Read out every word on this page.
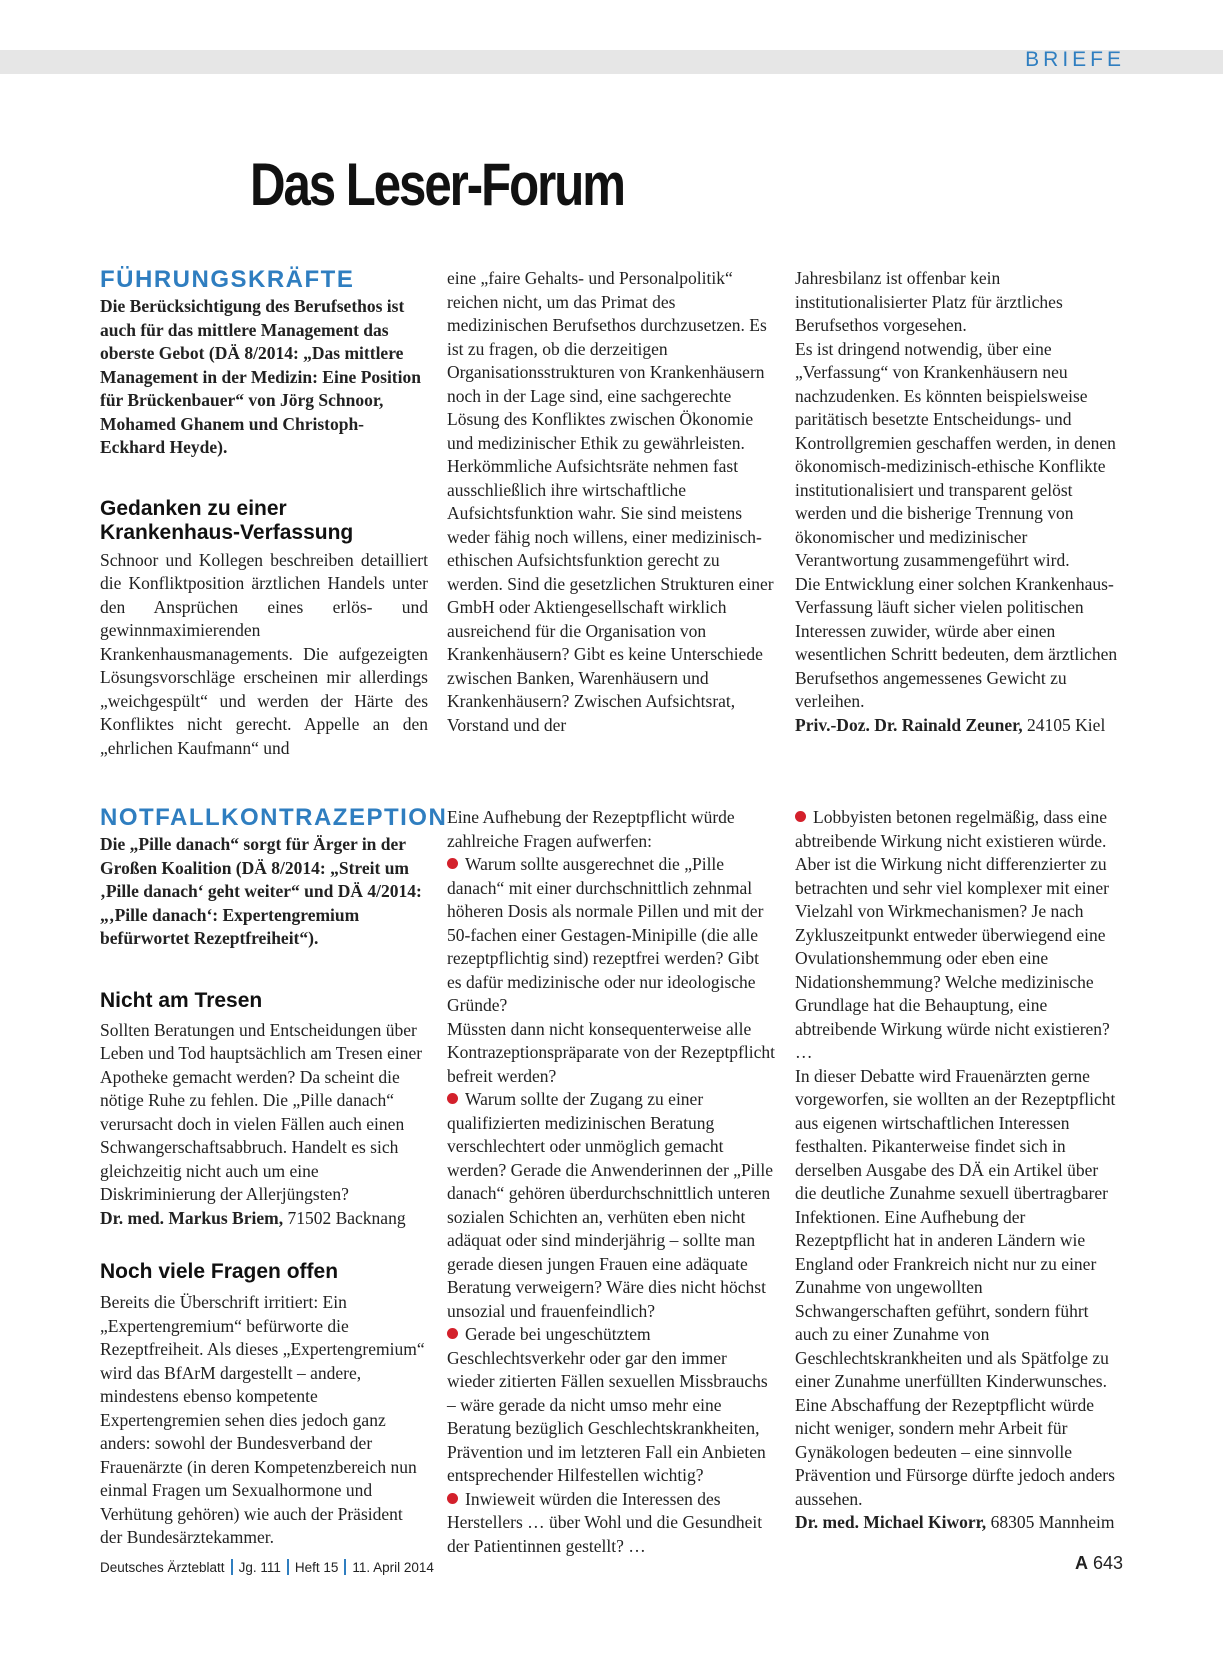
BRIEFE
Das Leser-Forum
FÜHRUNGSKRÄFTE

Die Berücksichtigung des Berufsethos ist auch für das mittlere Management das oberste Gebot (DÄ 8/2014: „Das mittlere Management in der Medizin: Eine Position für Brückenbauer“ von Jörg Schnoor, Mohamed Ghanem und Christoph-Eckhard Heyde).

Gedanken zu einer Krankenhaus-Verfassung

Schnoor und Kollegen beschreiben detailliert die Konfliktposition ärztlichen Handels unter den Ansprüchen eines erlös- und gewinnmaximierenden Krankenhausmanagements. Die aufgezeigten Lösungsvorschläge erscheinen mir allerdings „weichgespült“ und werden der Härte des Konfliktes nicht gerecht. Appelle an den „ehrlichen Kaufmann“ und

eine „faire Gehalts- und Personalpolitik“ reichen nicht, um das Primat des medizinischen Berufsethos durchzusetzen. Es ist zu fragen, ob die derzeitigen Organisationsstrukturen von Krankenhäusern noch in der Lage sind, eine sachgerechte Lösung des Konfliktes zwischen Ökonomie und medizinischer Ethik zu gewährleisten. Herkömmliche Aufsichtsräte nehmen fast ausschließlich ihre wirtschaftliche Aufsichtsfunktion wahr. Sie sind meistens weder fähig noch willens, einer medizinisch-ethischen Aufsichtsfunktion gerecht zu werden. Sind die gesetzlichen Strukturen einer GmbH oder Aktiengesellschaft wirklich ausreichend für die Organisation von Krankenhäusern? Gibt es keine Unterschiede zwischen Banken, Warenhäusern und Krankenhäusern? Zwischen Aufsichtsrat, Vorstand und der

Jahresbilanz ist offenbar kein institutionalisierter Platz für ärztliches Berufsethos vorgesehen.

Es ist dringend notwendig, über eine „Verfassung“ von Krankenhäusern neu nachzudenken. Es könnten beispielsweise paritätisch besetzte Entscheidungs- und Kontrollgremien geschaffen werden, in denen ökonomisch-medizinisch-ethische Konflikte institutionalisiert und transparent gelöst werden und die bisherige Trennung von ökonomischer und medizinischer Verantwortung zusammengeführt wird.

Die Entwicklung einer solchen Krankenhaus-Verfassung läuft sicher vielen politischen Interessen zuwider, würde aber einen wesentlichen Schritt bedeuten, dem ärztlichen Berufsethos angemessenes Gewicht zu verleihen.

Priv.-Doz. Dr. Rainald Zeuner, 24105 Kiel

NOTFALLKONTRAZEPTION

Die „Pille danach“ sorgt für Ärger in der Großen Koalition (DÄ 8/2014: „Streit um ‚Pille danach‘ geht weiter“ und DÄ 4/2014: „‚Pille danach‘: Expertengremium befürwortet Rezeptfreiheit“).

Nicht am Tresen

Sollten Beratungen und Entscheidungen über Leben und Tod hauptsächlich am Tresen einer Apotheke gemacht werden? Da scheint die nötige Ruhe zu fehlen. Die „Pille danach“ verursacht doch in vielen Fällen auch einen Schwangerschaftsabbruch. Handelt es sich gleichzeitig nicht auch um eine Diskriminierung der Allerjüngsten?

Dr. med. Markus Briem, 71502 Backnang

Noch viele Fragen offen

Bereits die Überschrift irritiert: Ein „Expertengremium“ befürworte die Rezeptfreiheit. Als dieses „Expertengremium“ wird das BfArM dargestellt – andere, mindestens ebenso kompetente Expertengremien sehen dies jedoch ganz anders: sowohl der Bundesverband der Frauenärzte (in deren Kompetenzbereich nun einmal Fragen um Sexualhormone und Verhütung gehören) wie auch der Präsident der Bundesärztekammer.

Eine Aufhebung der Rezeptpflicht würde zahlreiche Fragen aufwerfen:

Warum sollte ausgerechnet die „Pille danach“ mit einer durchschnittlich zehnmal höheren Dosis als normale Pillen und mit der 50-fachen einer Gestagen-Minipille (die alle rezeptpflichtig sind) rezeptfrei werden? Gibt es dafür medizinische oder nur ideologische Gründe?

Müssten dann nicht konsequenterweise alle Kontrazeptionspräparate von der Rezeptpflicht befreit werden?

Warum sollte der Zugang zu einer qualifizierten medizinischen Beratung verschlechtert oder unmöglich gemacht werden? Gerade die Anwenderinnen der „Pille danach“ gehören überdurchschnittlich unteren sozialen Schichten an, verhüten eben nicht adäquat oder sind minderjährig – sollte man gerade diesen jungen Frauen eine adäquate Beratung verweigern? Wäre dies nicht höchst unsozial und frauenfeindlich?

Gerade bei ungeschütztem Geschlechtsverkehr oder gar den immer wieder zitierten Fällen sexuellen Missbrauchs – wäre gerade da nicht umso mehr eine Beratung bezüglich Geschlechtskrankheiten, Prävention und im letzteren Fall ein Anbieten entsprechender Hilfestellen wichtig?

Inwieweit würden die Interessen des Herstellers … über Wohl und die Gesundheit der Patientinnen gestellt? …

Lobbyisten betonen regelmäßig, dass eine abtreibende Wirkung nicht existieren würde. Aber ist die Wirkung nicht differenzierter zu betrachten und sehr viel komplexer mit einer Vielzahl von Wirkmechanismen? Je nach Zykluszeitpunkt entweder überwiegend eine Ovulationshemmung oder eben eine Nidationshemmung? Welche medizinische Grundlage hat die Behauptung, eine abtreibende Wirkung würde nicht existieren? …

In dieser Debatte wird Frauenärzten gerne vorgeworfen, sie wollten an der Rezeptpflicht aus eigenen wirtschaftlichen Interessen festhalten. Pikanterweise findet sich in derselben Ausgabe des DÄ ein Artikel über die deutliche Zunahme sexuell übertragbarer Infektionen. Eine Aufhebung der Rezeptpflicht hat in anderen Ländern wie England oder Frankreich nicht nur zu einer Zunahme von ungewollten Schwangerschaften geführt, sondern führt auch zu einer Zunahme von Geschlechtskrankheiten und als Spätfolge zu einer Zunahme unerfüllten Kinderwunsches.

Eine Abschaffung der Rezeptpflicht würde nicht weniger, sondern mehr Arbeit für Gynäkologen bedeuten – eine sinnvolle Prävention und Fürsorge dürfte jedoch anders aussehen.

Dr. med. Michael Kiworr, 68305 Mannheim

Deutsches Ärzteblatt Jg. 111 Heft 15 11. April 2014	A 643
